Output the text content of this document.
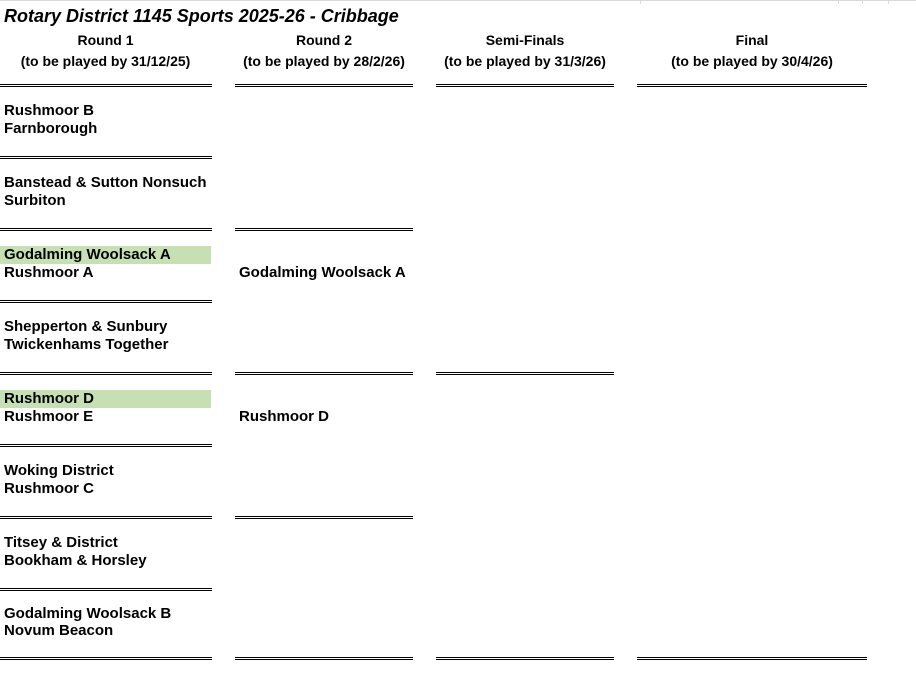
Rotary District 1145 Sports 2025-26 - Cribbage
Round 1
(to be played by 31/12/25)
Round 2
(to be played by 28/2/26)
Semi-Finals
(to be played by 31/3/26)
Final
(to be played by 30/4/26)
Rushmoor B
Farnborough
Banstead & Sutton Nonsuch
Surbiton
Godalming Woolsack A
Rushmoor A	Godalming Woolsack A
Shepperton & Sunbury
Twickenhams Together
Rushmoor D
Rushmoor E	Rushmoor D
Woking District
Rushmoor C
Titsey & District
Bookham & Horsley
Godalming Woolsack B
Novum Beacon
